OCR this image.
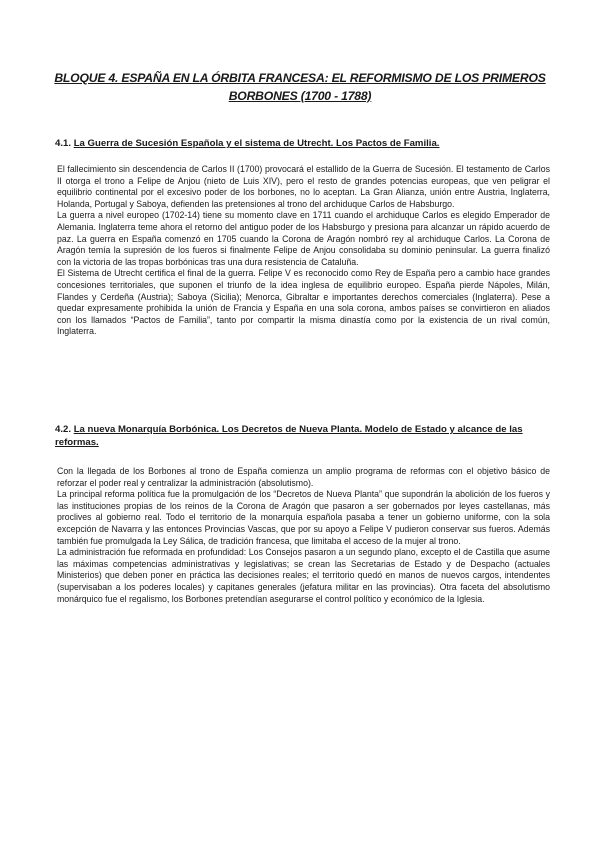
BLOQUE 4. ESPAÑA EN LA ÓRBITA FRANCESA: EL REFORMISMO DE LOS PRIMEROS BORBONES (1700 - 1788)
4.1. La Guerra de Sucesión Española y el sistema de Utrecht. Los Pactos de Familia.

El fallecimiento sin descendencia de Carlos II (1700) provocará el estallido de la Guerra de Sucesión. El testamento de Carlos II otorga el trono a Felipe de Anjou (nieto de Luis XIV), pero el resto de grandes potencias europeas, que ven peligrar el equilibrio continental por el excesivo poder de los borbones, no lo aceptan. La Gran Alianza, unión entre Austria, Inglaterra, Holanda, Portugal y Saboya, defienden las pretensiones al trono del archiduque Carlos de Habsburgo.

La guerra a nivel europeo (1702-14) tiene su momento clave en 1711 cuando el archiduque Carlos es elegido Emperador de Alemania. Inglaterra teme ahora el retorno del antiguo poder de los Habsburgo y presiona para alcanzar un rápido acuerdo de paz. La guerra en España comenzó en 1705 cuando la Corona de Aragón nombró rey al archiduque Carlos. La Corona de Aragón temía la supresión de los fueros si finalmente Felipe de Anjou consolidaba su dominio peninsular. La guerra finalizó con la victoria de las tropas borbónicas tras una dura resistencia de Cataluña.

El Sistema de Utrecht certifica el final de la guerra. Felipe V es reconocido como Rey de España pero a cambio hace grandes concesiones territoriales, que suponen el triunfo de la idea inglesa de equilibrio europeo. España pierde Nápoles, Milán, Flandes y Cerdeña (Austria); Saboya (Sicilia); Menorca, Gibraltar e importantes derechos comerciales (Inglaterra). Pese a quedar expresamente prohibida la unión de Francia y España en una sola corona, ambos países se convirtieron en aliados con los llamados “Pactos de Familia”, tanto por compartir la misma dinastía como por la existencia de un rival común, Inglaterra.

4.2. La nueva Monarquía Borbónica. Los Decretos de Nueva Planta. Modelo de Estado y alcance de las reformas.

Con la llegada de los Borbones al trono de España comienza un amplio programa de reformas con el objetivo básico de reforzar el poder real y centralizar la administración (absolutismo).

La principal reforma política fue la promulgación de los “Decretos de Nueva Planta” que supondrán la abolición de los fueros y las instituciones propias de los reinos de la Corona de Aragón que pasaron a ser gobernados por leyes castellanas, más proclives al gobierno real. Todo el territorio de la monarquía española pasaba a tener un gobierno uniforme, con la sola excepción de Navarra y las entonces Provincias Vascas, que por su apoyo a Felipe V pudieron conservar sus fueros. Además también fue promulgada la Ley Sálica, de tradición francesa, que limitaba el acceso de la mujer al trono.

La administración fue reformada en profundidad: Los Consejos pasaron a un segundo plano, excepto el de Castilla que asume las máximas competencias administrativas y legislativas; se crean las Secretarias de Estado y de Despacho (actuales Ministerios) que deben poner en práctica las decisiones reales; el territorio quedó en manos de nuevos cargos, intendentes (supervisaban a los poderes locales) y capitanes generales (jefatura militar en las provincias). Otra faceta del absolutismo monárquico fue el regalismo, los Borbones pretendían asegurarse el control político y económico de la Iglesia.
